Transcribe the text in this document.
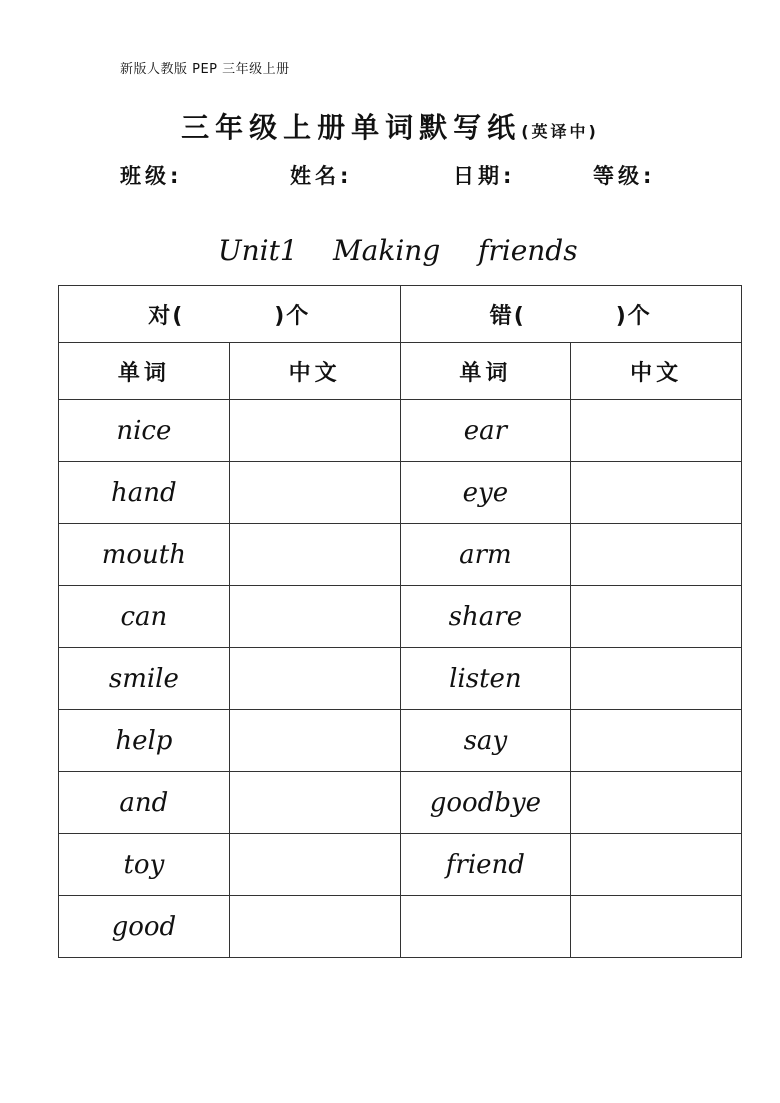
新版人教版 PEP 三年级上册
三年级上册单词默写纸(英译中)
班级:	姓名:	日期:	等级:
Unit1 Making friends
对( )个		错( )个	
单词	中文	单词	中文
nice		ear	
hand		eye	
mouth		arm	
can		share	
smile		listen	
help		say	
and		goodbye	
toy		friend	
good			
